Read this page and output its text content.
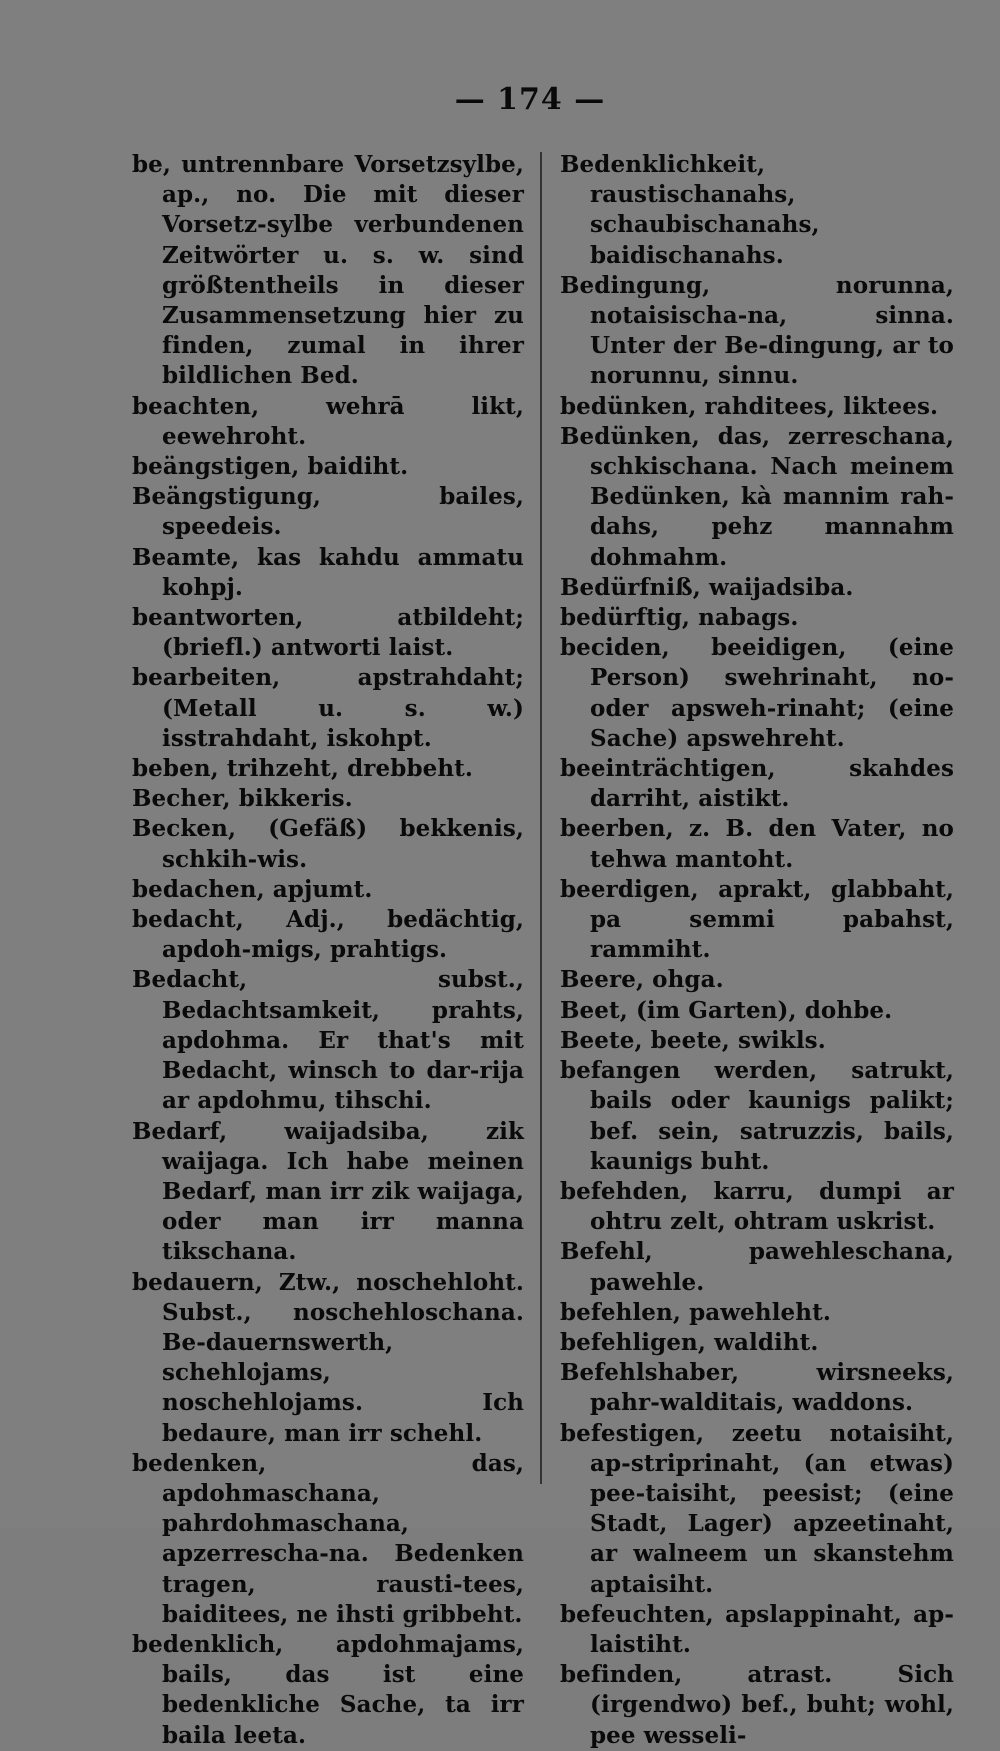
— 174 —

be, untrennbare Vorsetzsylbe, ap., no. Die mit dieser Vorsetz-sylbe verbundenen Zeitwörter u. s. w. sind größtentheils in dieser Zusammensetzung hier zu finden, zumal in ihrer bildlichen Bed.

beachten, wehrā likt, eewehroht.

beängstigen, baidiht.

Beängstigung, bailes, speedeis.

Beamte, kas kahdu ammatu kohpj.

beantworten, atbildeht; (briefl.) antworti laist.

bearbeiten, apstrahdaht; (Metall u. s. w.) isstrahdaht, iskohpt.

beben, trihzeht, drebbeht.

Becher, bikkeris.

Becken, (Gefäß) bekkenis, schkih-wis.

bedachen, apjumt.

bedacht, Adj., bedächtig, apdoh-migs, prahtigs.

Bedacht, subst., Bedachtsamkeit, prahts, apdohma. Er that's mit Bedacht, winsch to dar-rija ar apdohmu, tihschi.

Bedarf, waijadsiba, zik waijaga. Ich habe meinen Bedarf, man irr zik waijaga, oder man irr manna tikschana.

bedauern, Ztw., noschehloht. Subst., noschehloschana. Be-dauernswerth, schehlojams, noschehlojams. Ich bedaure, man irr schehl.

bedenken, das, apdohmaschana, pahrdohmaschana, apzerrescha-na. Bedenken tragen, rausti-tees, baiditees, ne ihsti gribbeht.

bedenklich, apdohmajams, bails, das ist eine bedenkliche Sache, ta irr baila leeta.

Bedenklichkeit, raustischanahs, schaubischanahs, baidischanahs.

Bedingung, norunna, notaisischa-na, sinna. Unter der Be-dingung, ar to norunnu, sinnu.

bedünken, rahditees, liktees.

Bedünken, das, zerreschana, schkischana. Nach meinem Bedünken, kà mannim rah-dahs, pehz mannahm dohmahm.

Bedürfniß, waijadsiba.

bedürftig, nabags.

beciden, beeidigen, (eine Person) swehrinaht, no- oder apsweh-rinaht; (eine Sache) apswehreht.

beeinträchtigen, skahdes darriht, aistikt.

beerben, z. B. den Vater, no tehwa mantoht.

beerdigen, aprakt, glabbaht, pa semmi pabahst, rammiht.

Beere, ohga.

Beet, (im Garten), dohbe.

Beete, beete, swikls.

befangen werden, satrukt, bails oder kaunigs palikt; bef. sein, satruzzis, bails, kaunigs buht.

befehden, karru, dumpi ar ohtru zelt, ohtram uskrist.

Befehl, pawehleschana, pawehle.

befehlen, pawehleht.

befehligen, waldiht.

Befehlshaber, wirsneeks, pahr-walditais, waddons.

befestigen, zeetu notaisiht, ap-striprinaht, (an etwas) pee-taisiht, peesist; (eine Stadt, Lager) apzeetinaht, ar walneem un skanstehm aptaisiht.

befeuchten, apslappinaht, ap-laistiht.

befinden, atrast. Sich (irgendwo) bef., buht; wohl, pee wesseli-
